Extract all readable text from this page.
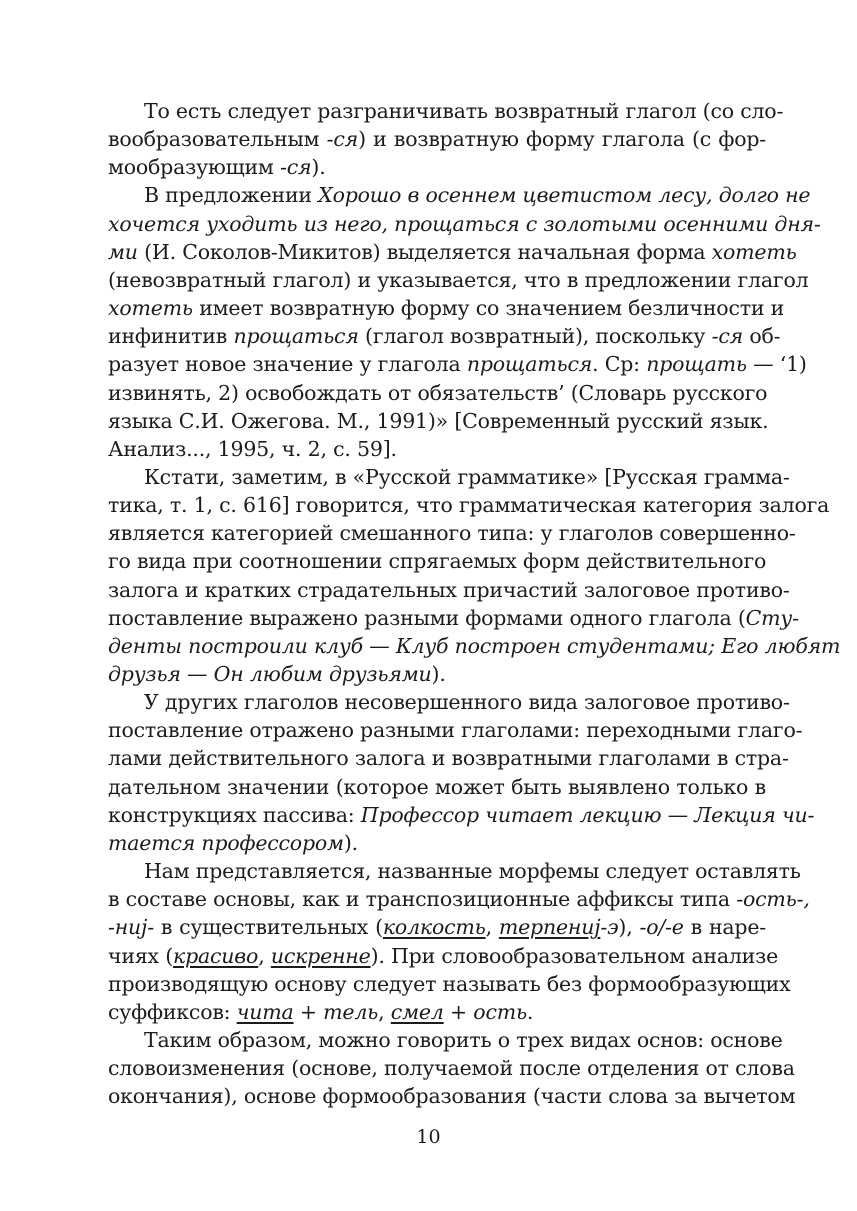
То есть следует разграничивать возвратный глагол (со сло-
вообразовательным -ся) и возвратную форму глагола (с фор-
мообразующим -ся).
В предложении Хорошо в осеннем цветистом лесу, долго не
хочется уходить из него, прощаться с золотыми осенними дня-
ми (И. Соколов-Микитов) выделяется начальная форма хотеть
(невозвратный глагол) и указывается, что в предложении глагол
хотеть имеет возвратную форму со значением безличности и
инфинитив прощаться (глагол возвратный), поскольку -ся об-
разует новое значение у глагола прощаться. Ср: прощать — ‘1)
извинять, 2) освобождать от обязательств’ (Словарь русского
языка С.И. Ожегова. М., 1991)» [Современный русский язык.
Анализ..., 1995, ч. 2, с. 59].
Кстати, заметим, в «Русской грамматике» [Русская грамма-
тика, т. 1, с. 616] говорится, что грамматическая категория залога
является категорией смешанного типа: у глаголов совершенно-
го вида при соотношении спрягаемых форм действительного
залога и кратких страдательных причастий залоговое противо-
поставление выражено разными формами одного глагола (Сту-
денты построили клуб — Клуб построен студентами; Его любят
друзья — Он любим друзьями).
У других глаголов несовершенного вида залоговое противо-
поставление отражено разными глаголами: переходными глаго-
лами действительного залога и возвратными глаголами в стра-
дательном значении (которое может быть выявлено только в
конструкциях пассива: Профессор читает лекцию — Лекция чи-
тается профессором).
Нам представляется, названные морфемы следует оставлять
в составе основы, как и транспозиционные аффиксы типа -ость-,
-ниj- в существительных (колкость, терпениj-э), -о/-е в наре-
чиях (красиво, искренне). При словообразовательном анализе
производящую основу следует называть без формообразующих
суффиксов: чита + тель, смел + ость.
Таким образом, можно говорить о трех видах основ: основе
словоизменения (основе, получаемой после отделения от слова
окончания), основе формообразования (части слова за вычетом
10
